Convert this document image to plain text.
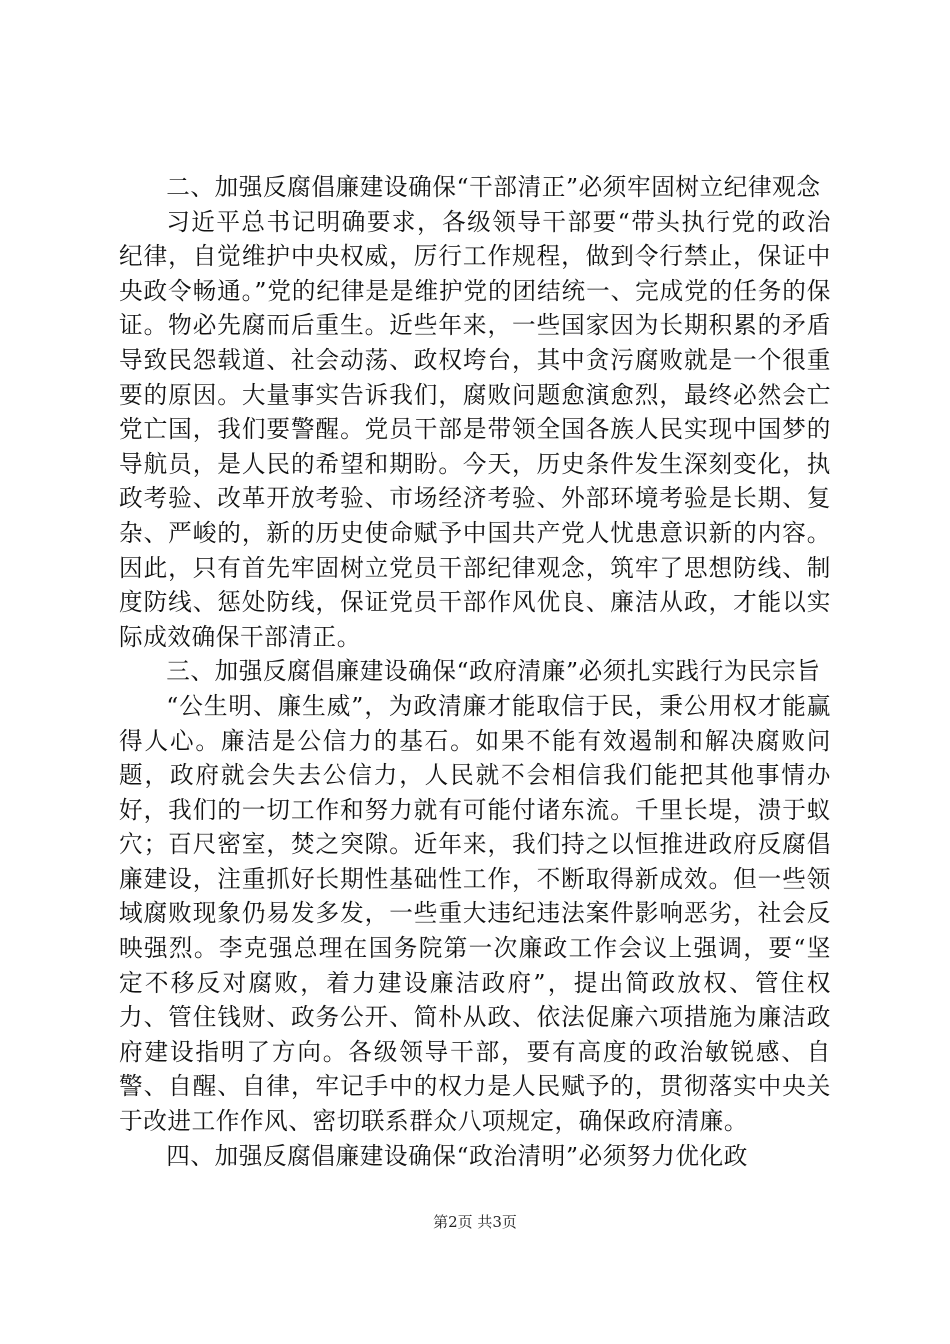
二、加强反腐倡廉建设确保“干部清正”必须牢固树立纪律观念

习近平总书记明确要求，各级领导干部要“带头执行党的政治纪律，自觉维护中央权威，厉行工作规程，做到令行禁止，保证中央政令畅通。”党的纪律是是维护党的团结统一、完成党的任务的保证。物必先腐而后重生。近些年来，一些国家因为长期积累的矛盾导致民怨载道、社会动荡、政权垮台，其中贪污腐败就是一个很重要的原因。大量事实告诉我们，腐败问题愈演愈烈，最终必然会亡党亡国，我们要警醒。党员干部是带领全国各族人民实现中国梦的导航员，是人民的希望和期盼。今天，历史条件发生深刻变化，执政考验、改革开放考验、市场经济考验、外部环境考验是长期、复杂、严峻的，新的历史使命赋予中国共产党人忧患意识新的内容。因此，只有首先牢固树立党员干部纪律观念，筑牢了思想防线、制度防线、惩处防线，保证党员干部作风优良、廉洁从政，才能以实际成效确保干部清正。

三、加强反腐倡廉建设确保“政府清廉”必须扎实践行为民宗旨

“公生明、廉生威”，为政清廉才能取信于民，秉公用权才能赢得人心。廉洁是公信力的基石。如果不能有效遏制和解决腐败问题，政府就会失去公信力，人民就不会相信我们能把其他事情办好，我们的一切工作和努力就有可能付诸东流。千里长堤，溃于蚁穴；百尺密室，焚之突隙。近年来，我们持之以恒推进政府反腐倡廉建设，注重抓好长期性基础性工作，不断取得新成效。但一些领域腐败现象仍易发多发，一些重大违纪违法案件影响恶劣，社会反映强烈。李克强总理在国务院第一次廉政工作会议上强调，要“坚定不移反对腐败，着力建设廉洁政府”，提出简政放权、管住权力、管住钱财、政务公开、简朴从政、依法促廉六项措施为廉洁政府建设指明了方向。各级领导干部，要有高度的政治敏锐感、自警、自醒、自律，牢记手中的权力是人民赋予的，贯彻落实中央关于改进工作作风、密切联系群众八项规定，确保政府清廉。

四、加强反腐倡廉建设确保“政治清明”必须努力优化政

第2页 共3页
